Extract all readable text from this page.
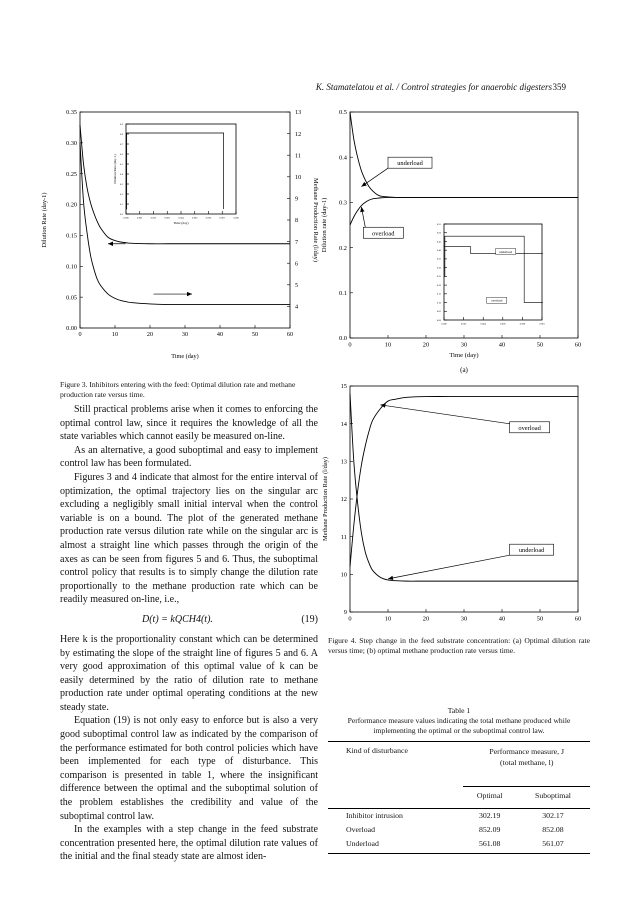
K. Stamatelatou et al. / Control strategies for anaerobic digesters 359
0	10	20	30	40	50	60
0.00
0.05
0.10
0.15
0.20
0.25
0.30
0.35
4
5
6
7
8
9
10
11
12
13
Time (day)
Dilution Rate (day-1)	Methane Production Rate (l/day)
0.000	0.001	0.002	0.003	0.004	0.005	0.006	0.007	0.008
0.0
0.1
0.2
0.3
0.4
0.5
0.6
0.7
0.8
0.9
Time (day)
Dilution Rate (day-1)
Figure 3. Inhibitors entering with the feed: Optimal dilution rate and methane production rate versus time.
0	10	20	30	40	50	60
0.0
0.1
0.2
0.3
0.4
0.5
Time (day)
Dilution rate (day-1)
(a)
underload
overload
0.000	0.002	0.004	0.006	0.008	0.010
0.00
0.05
0.10
0.15
0.20
0.25
0.30
0.35
0.40
0.45
0.50
0.55
underload
overload
0	10	20	30	40	50	60
9
10
11
12
13
14
15
Methane Production Rate (l/day)
overload
underload
Figure 4. Step change in the feed substrate concentration: (a) Optimal dilution rate versus time; (b) optimal methane production rate versus time.

Still practical problems arise when it comes to enforcing the optimal control law, since it requires the knowledge of all the state variables which cannot easily be measured on-line.

As an alternative, a good suboptimal and easy to implement control law has been formulated.

Figures 3 and 4 indicate that almost for the entire interval of optimization, the optimal trajectory lies on the singular arc excluding a negligibly small initial interval when the control variable is on a bound. The plot of the generated methane production rate versus dilution rate while on the singular arc is almost a straight line which passes through the origin of the axes as can be seen from figures 5 and 6. Thus, the suboptimal control policy that results is to simply change the dilution rate proportionally to the methane production rate which can be readily measured on-line, i.e.,

D(t) = kQCH4(t).	(19)

Here k is the proportionality constant which can be determined by estimating the slope of the straight line of figures 5 and 6. A very good approximation of this optimal value of k can be easily determined by the ratio of dilution rate to methane production rate under optimal operating conditions at the new steady state.

Equation (19) is not only easy to enforce but is also a very good suboptimal control law as indicated by the comparison of the performance estimated for both control policies which have been implemented for each type of disturbance. This comparison is presented in table 1, where the insignificant difference between the optimal and the suboptimal solution of the problem establishes the credibility and value of the suboptimal control law.

In the examples with a step change in the feed substrate concentration presented here, the optimal dilution rate values of the initial and the final steady state are almost iden-

Table 1
Performance measure values indicating the total methane produced while implementing the optimal or the suboptimal control law.
Kind of disturbance	Performance measure, J
(total methane, l)	

	Optimal	Suboptimal

Inhibitor intrusion	302.19	302.17
Overload	852.09	852.08
Underload	561.08	561.07
